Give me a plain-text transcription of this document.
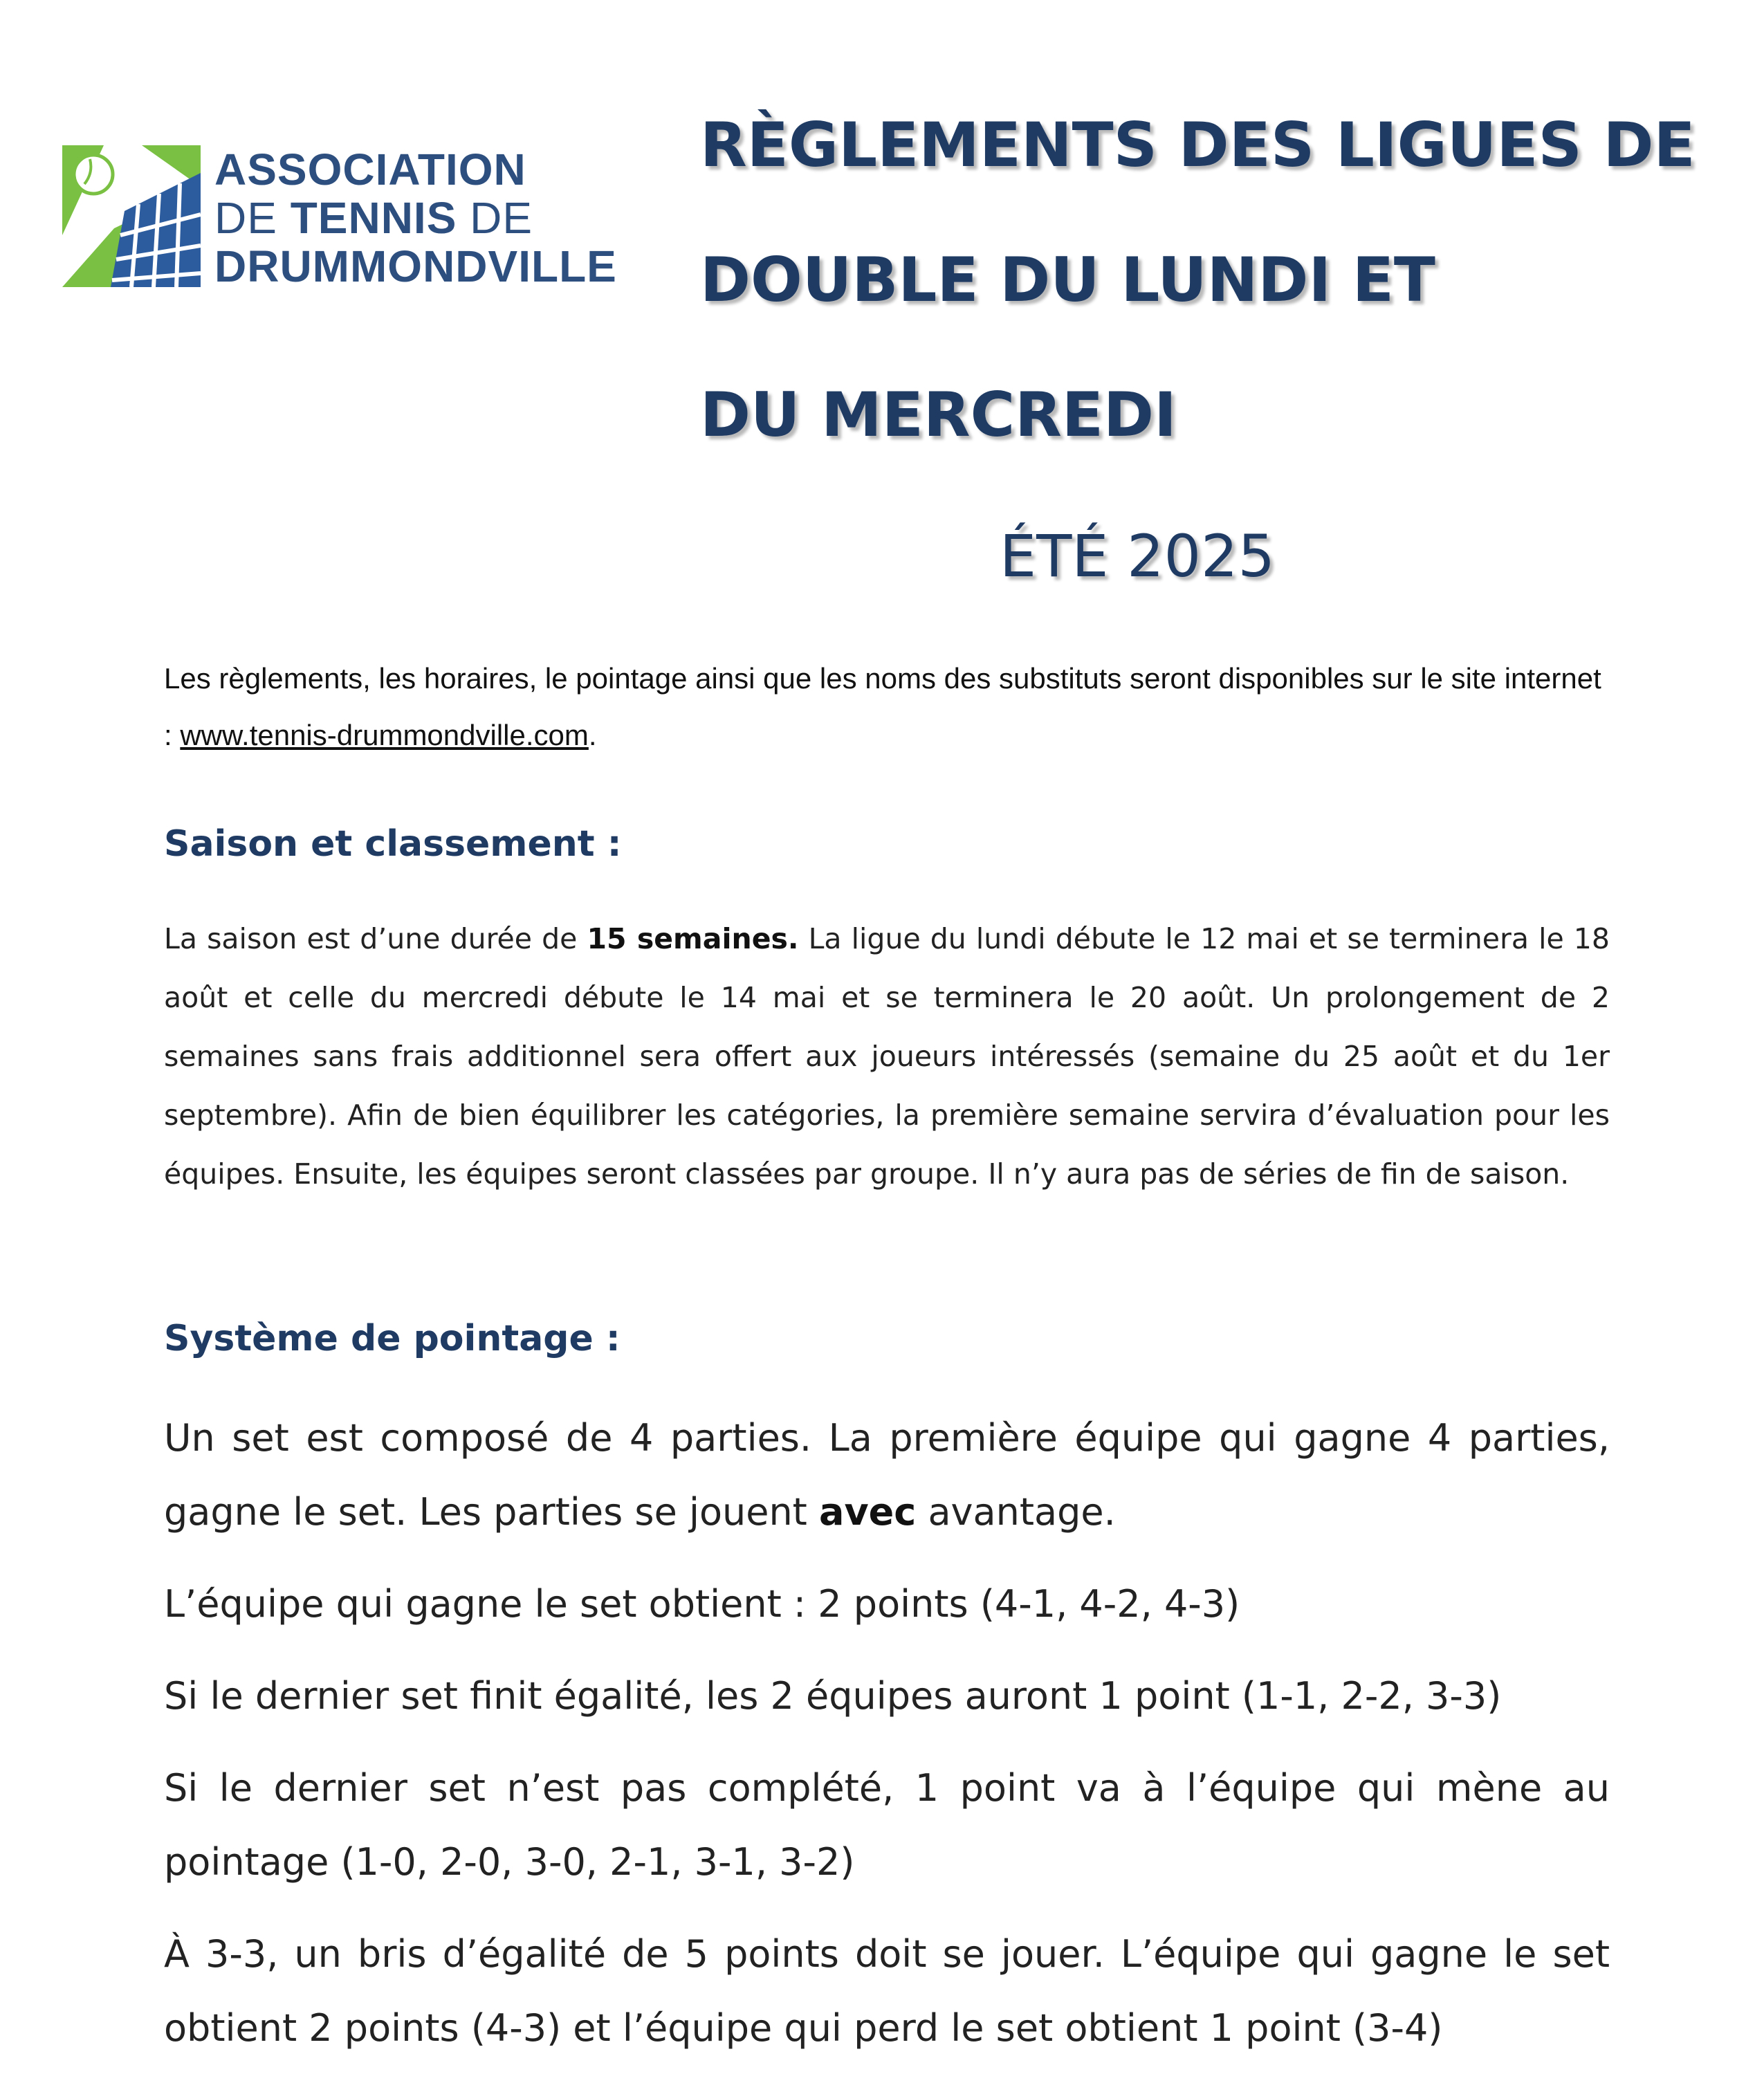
ASSOCIATION
DE TENNIS DE
DRUMMONDVILLE
RÈGLEMENTS DES LIGUES DE
DOUBLE DU LUNDI ET
DU MERCREDI
ÉTÉ 2025
Les règlements, les horaires, le pointage ainsi que les noms des substituts seront disponibles sur le site internet : www.tennis-drummondville.com.
Saison et classement :

La saison est d’une durée de 15 semaines. La ligue du lundi débute le 12 mai et se terminera le 18 août et celle du mercredi débute le 14 mai et se terminera le 20 août. Un prolongement de 2 semaines sans frais additionnel sera offert aux joueurs intéressés (semaine du 25 août et du 1er septembre). Afin de bien équilibrer les catégories, la première semaine servira d’évaluation pour les équipes. Ensuite, les équipes seront classées par groupe. Il n’y aura pas de séries de fin de saison.

Système de pointage :

Un set est composé de 4 parties. La première équipe qui gagne 4 parties, gagne le set. Les parties se jouent avec avantage.

L’équipe qui gagne le set obtient : 2 points (4-1, 4-2, 4-3)

Si le dernier set finit égalité, les 2 équipes auront 1 point (1-1, 2-2, 3-3)

Si le dernier set n’est pas complété, 1 point va à l’équipe qui mène au pointage (1-0, 2-0, 3-0, 2-1, 3-1, 3-2)

À 3-3, un bris d’égalité de 5 points doit se jouer. L’équipe qui gagne le set obtient 2 points (4-3) et l’équipe qui perd le set obtient 1 point (3-4)
